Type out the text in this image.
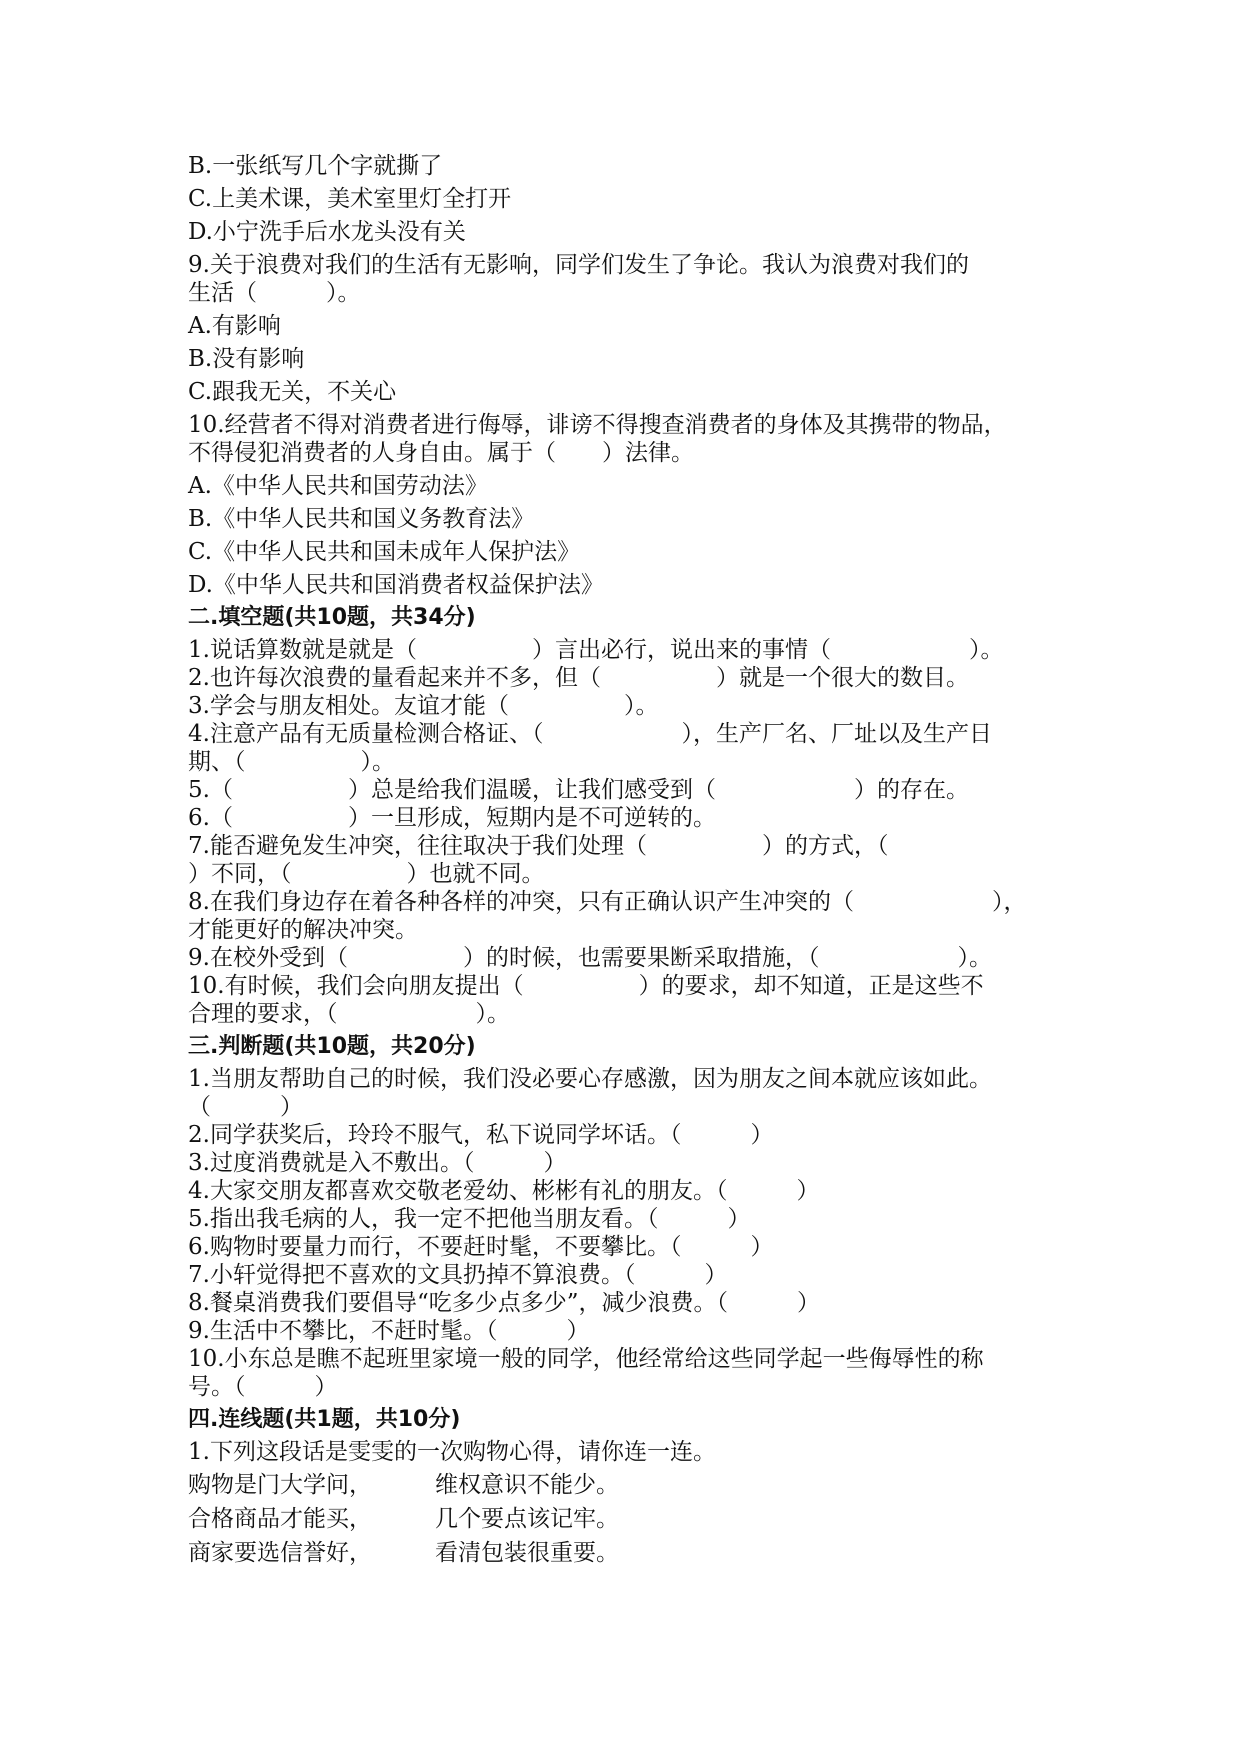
B.一张纸写几个字就撕了

C.上美术课，美术室里灯全打开

D.小宁洗手后水龙头没有关

9.关于浪费对我们的生活有无影响，同学们发生了争论。我认为浪费对我们的

生活（　　　）。

A.有影响

B.没有影响

C.跟我无关，不关心

10.经营者不得对消费者进行侮辱，诽谤不得搜查消费者的身体及其携带的物品，

不得侵犯消费者的人身自由。属于（　　）法律。

A.《中华人民共和国劳动法》

B.《中华人民共和国义务教育法》

C.《中华人民共和国未成年人保护法》

D.《中华人民共和国消费者权益保护法》

二.填空题(共10题，共34分)

1.说话算数就是就是（　　　　　）言出必行，说出来的事情（　　　　　　）。

2.也许每次浪费的量看起来并不多，但（　　　　　）就是一个很大的数目。

3.学会与朋友相处。友谊才能（　　　　　）。

4.注意产品有无质量检测合格证、（　　　　　　），生产厂名、厂址以及生产日

期、（　　　　　）。

5.（　　　　　）总是给我们温暖，让我们感受到（　　　　　　）的存在。

6.（　　　　　）一旦形成，短期内是不可逆转的。

7.能否避免发生冲突，往往取决于我们处理（　　　　　）的方式，（

）不同，（　　　　　）也就不同。

8.在我们身边存在着各种各样的冲突，只有正确认识产生冲突的（　　　　　　），

才能更好的解决冲突。

9.在校外受到（　　　　　）的时候，也需要果断采取措施，（　　　　　　）。

10.有时候，我们会向朋友提出（　　　　　）的要求，却不知道，正是这些不

合理的要求，（　　　　　　）。

三.判断题(共10题，共20分)

1.当朋友帮助自己的时候，我们没必要心存感激，因为朋友之间本就应该如此。

（　　　）

2.同学获奖后，玲玲不服气，私下说同学坏话。（　　　）

3.过度消费就是入不敷出。（　　　）

4.大家交朋友都喜欢交敬老爱幼、彬彬有礼的朋友。（　　　）

5.指出我毛病的人，我一定不把他当朋友看。（　　　）

6.购物时要量力而行，不要赶时髦，不要攀比。（　　　）

7.小轩觉得把不喜欢的文具扔掉不算浪费。（　　　）

8.餐桌消费我们要倡导“吃多少点多少”，减少浪费。（　　　）

9.生活中不攀比，不赶时髦。（　　　）

10.小东总是瞧不起班里家境一般的同学，他经常给这些同学起一些侮辱性的称

号。（　　　）

四.连线题(共1题，共10分)

1.下列这段话是雯雯的一次购物心得，请你连一连。

购物是门大学问，	维权意识不能少。
合格商品才能买，	几个要点该记牢。
商家要选信誉好，	看清包装很重要。
